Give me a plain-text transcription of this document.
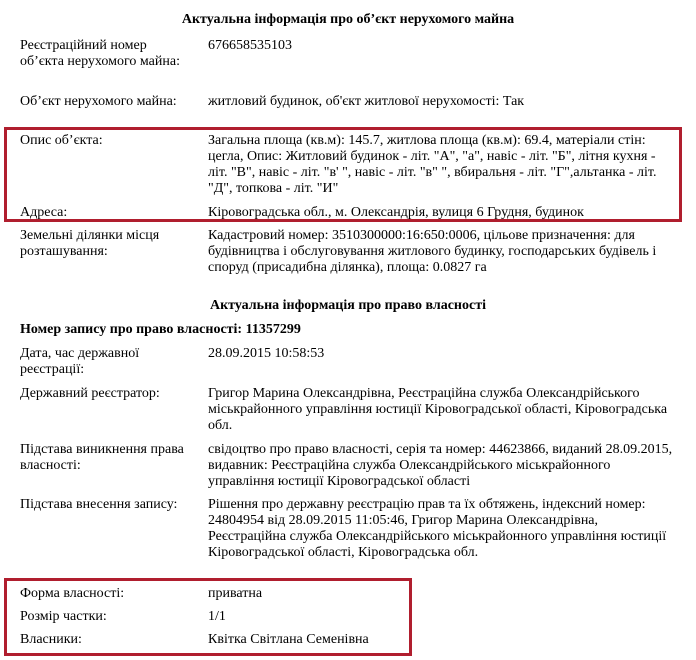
Актуальна інформація про об’єкт нерухомого майна
Реєстраційний номер об’єкта нерухомого майна:
676658535103
Об’єкт нерухомого майна:	житловий будинок, об'єкт житлової нерухомості: Так
Опис об’єкта:	Загальна площа (кв.м): 145.7, житлова площа (кв.м): 69.4, матеріали стін: цегла, Опис: Житловий будинок - літ. "А", "а", навіс - літ. "Б", літня кухня - літ. "В", навіс - літ. "в' ", навіс - літ. "в" ", вбиральня - літ. "Г",альтанка - літ. "Д", топкова - літ. "И"
Адреса:	Кіровоградська обл., м. Олександрія, вулиця 6 Грудня, будинок
Земельні ділянки місця розташування:
Кадастровий номер: 3510300000:16:650:0006, цільове призначення: для будівництва і обслуговування житлового будинку, господарських будівель і споруд (присадибна ділянка), площа: 0.0827 га
Актуальна інформація про право власності
Номер запису про право власності: 11357299
Дата, час державної реєстрації:
28.09.2015 10:58:53
Державний реєстратор:	Григор Марина Олександрівна, Реєстраційна служба Олександрійського міськрайонного управління юстиції Кіровоградської області, Кіровоградська обл.
Підстава виникнення права власності:
свідоцтво про право власності, серія та номер: 44623866, виданий 28.09.2015, видавник: Реєстраційна служба Олександрійського міськрайонного управління юстиції Кіровоградської області
Підстава внесення запису:	Рішення про державну реєстрацію прав та їх обтяжень, індексний номер: 24804954 від 28.09.2015 11:05:46, Григор Марина Олександрівна, Реєстраційна служба Олександрійського міськрайонного управління юстиції Кіровоградської області, Кіровоградська обл.
Форма власності:	приватна
Розмір частки:	1/1
Власники:	Квітка Світлана Семенівна
